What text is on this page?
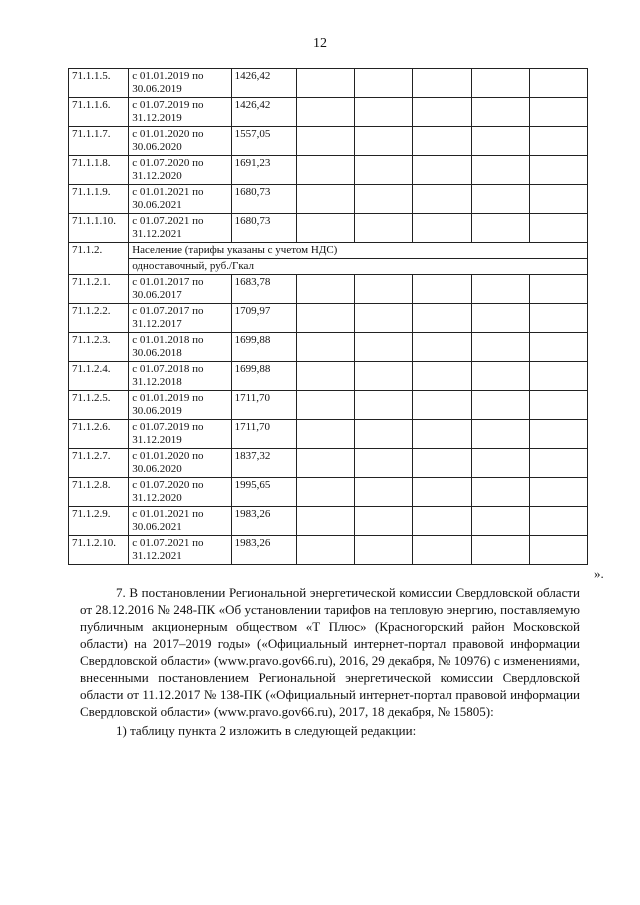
12
71.1.1.5.	с 01.01.2019 по 30.06.2019	1426,42					
71.1.1.6.	с 01.07.2019 по 31.12.2019	1426,42					
71.1.1.7.	с 01.01.2020 по 30.06.2020	1557,05					
71.1.1.8.	с 01.07.2020 по 31.12.2020	1691,23					
71.1.1.9.	с 01.01.2021 по 30.06.2021	1680,73					
71.1.1.10.	с 01.07.2021 по 31.12.2021	1680,73					
71.1.2.	Население (тарифы указаны с учетом НДС)						
	одноставочный, руб./Гкал						
71.1.2.1.	с 01.01.2017 по 30.06.2017	1683,78					
71.1.2.2.	с 01.07.2017 по 31.12.2017	1709,97					
71.1.2.3.	с 01.01.2018 по 30.06.2018	1699,88					
71.1.2.4.	с 01.07.2018 по 31.12.2018	1699,88					
71.1.2.5.	с 01.01.2019 по 30.06.2019	1711,70					
71.1.2.6.	с 01.07.2019 по 31.12.2019	1711,70					
71.1.2.7.	с 01.01.2020 по 30.06.2020	1837,32					
71.1.2.8.	с 01.07.2020 по 31.12.2020	1995,65					
71.1.2.9.	с 01.01.2021 по 30.06.2021	1983,26					
71.1.2.10.	с 01.07.2021 по 31.12.2021	1983,26					
».

7. В постановлении Региональной энергетической комиссии Свердловской области от 28.12.2016 № 248-ПК «Об установлении тарифов на тепловую энергию, поставляемую публичным акционерным обществом «Т Плюс» (Красногорский район Московской области) на 2017–2019 годы» («Официальный интернет-портал правовой информации Свердловской области» (www.pravo.gov66.ru), 2016, 29 декабря, № 10976) с изменениями, внесенными постановлением Региональной энергетической комиссии Свердловской области от 11.12.2017 № 138-ПК («Официальный интернет-портал правовой информации Свердловской области» (www.pravo.gov66.ru), 2017, 18 декабря, № 15805):

1) таблицу пункта 2 изложить в следующей редакции:
